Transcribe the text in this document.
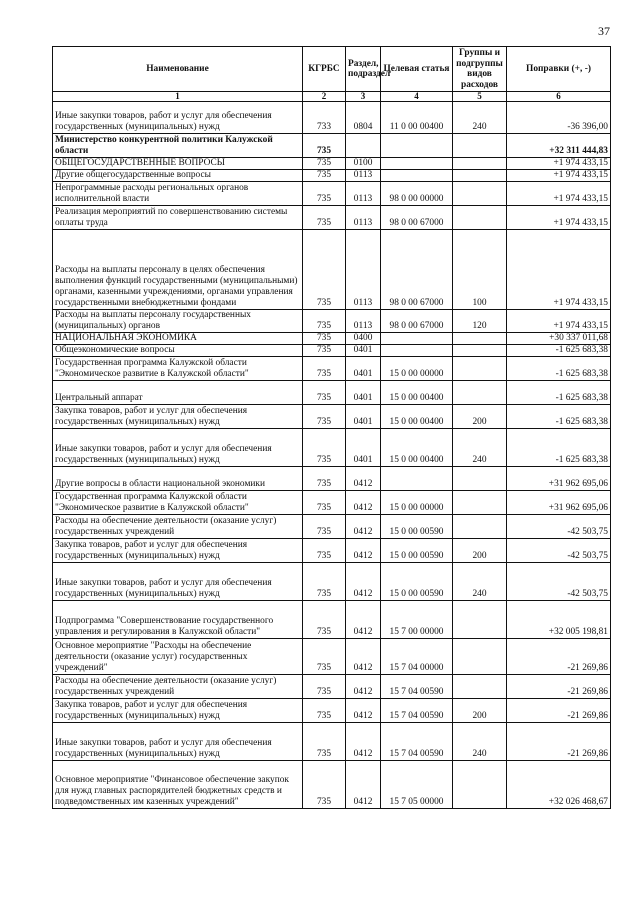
37
Наименование	КГРБС	Раздел, подраздел	Целевая статья	Группы и подгруппы видов расходов	Поправки (+, -)
1	2	3	4	5	6
Иные закупки товаров, работ и услуг для обеспечения государственных (муниципальных) нужд	733	0804	11 0 00 00400	240	-36 396,00
Министерство конкурентной политики Калужской области	735				+32 311 444,83
ОБЩЕГОСУДАРСТВЕННЫЕ ВОПРОСЫ	735	0100			+1 974 433,15
Другие общегосударственные вопросы	735	0113			+1 974 433,15
Непрограммные расходы региональных органов исполнительной власти	735	0113	98 0 00 00000		+1 974 433,15
Реализация мероприятий по совершенствованию системы оплаты труда	735	0113	98 0 00 67000		+1 974 433,15
Расходы на выплаты персоналу в целях обеспечения выполнения функций государственными (муниципальными) органами, казенными учреждениями, органами управления государственными внебюджетными фондами	735	0113	98 0 00 67000	100	+1 974 433,15
Расходы на выплаты персоналу государственных (муниципальных) органов	735	0113	98 0 00 67000	120	+1 974 433,15
НАЦИОНАЛЬНАЯ ЭКОНОМИКА	735	0400			+30 337 011,68
Общеэкономические вопросы	735	0401			-1 625 683,38
Государственная программа Калужской области "Экономическое развитие в Калужской области"	735	0401	15 0 00 00000		-1 625 683,38
Центральный аппарат	735	0401	15 0 00 00400		-1 625 683,38
Закупка товаров, работ и услуг для обеспечения государственных (муниципальных) нужд	735	0401	15 0 00 00400	200	-1 625 683,38
Иные закупки товаров, работ и услуг для обеспечения государственных (муниципальных) нужд	735	0401	15 0 00 00400	240	-1 625 683,38
Другие вопросы в области национальной экономики	735	0412			+31 962 695,06
Государственная программа Калужской области "Экономическое развитие в Калужской области"	735	0412	15 0 00 00000		+31 962 695,06
Расходы на обеспечение деятельности (оказание услуг) государственных учреждений	735	0412	15 0 00 00590		-42 503,75
Закупка товаров, работ и услуг для обеспечения государственных (муниципальных) нужд	735	0412	15 0 00 00590	200	-42 503,75
Иные закупки товаров, работ и услуг для обеспечения государственных (муниципальных) нужд	735	0412	15 0 00 00590	240	-42 503,75
Подпрограмма "Совершенствование государственного управления и регулирования в Калужской области"	735	0412	15 7 00 00000		+32 005 198,81
Основное мероприятие "Расходы на обеспечение деятельности (оказание услуг) государственных учреждений"	735	0412	15 7 04 00000		-21 269,86
Расходы на обеспечение деятельности (оказание услуг) государственных учреждений	735	0412	15 7 04 00590		-21 269,86
Закупка товаров, работ и услуг для обеспечения государственных (муниципальных) нужд	735	0412	15 7 04 00590	200	-21 269,86
Иные закупки товаров, работ и услуг для обеспечения государственных (муниципальных) нужд	735	0412	15 7 04 00590	240	-21 269,86
Основное мероприятие "Финансовое обеспечение закупок для нужд главных распорядителей бюджетных средств и подведомственных им казенных учреждений"	735	0412	15 7 05 00000		+32 026 468,67
